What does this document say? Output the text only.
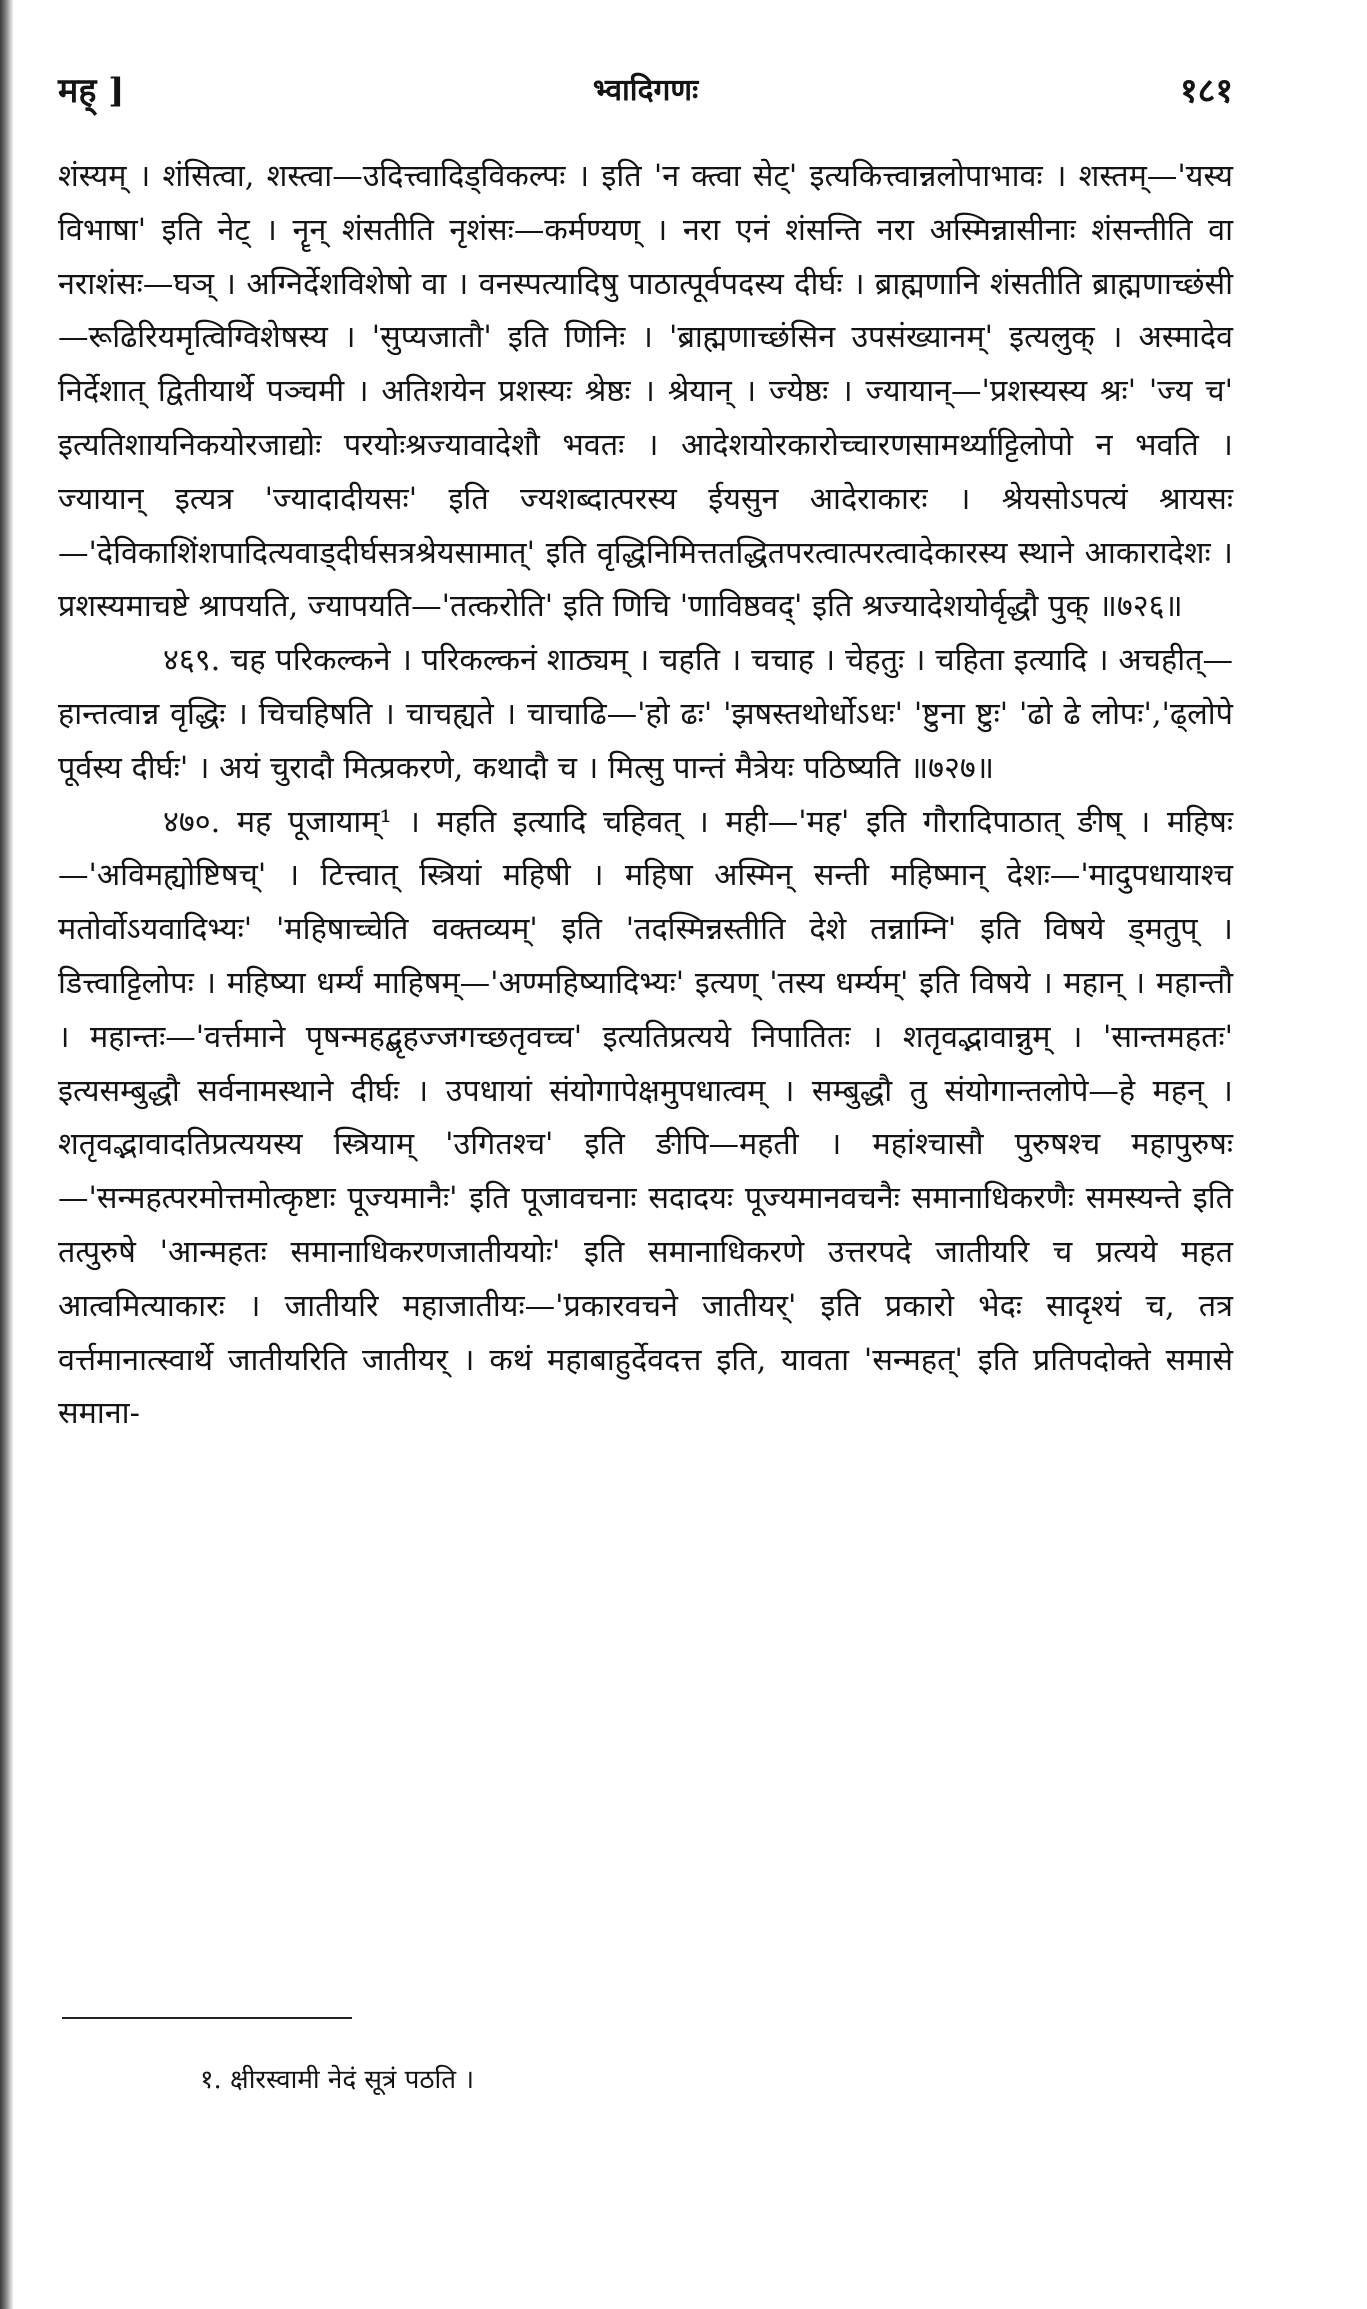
मह् ]	भ्वादिगणः	१८१

शंस्यम् । शंसित्वा, शस्त्वा—उदित्त्वादिड्विकल्पः । इति 'न क्त्वा सेट्' इत्यकित्त्वान्नलोपाभावः । शस्तम्—'यस्य विभाषा' इति नेट् । नॄन् शंसतीति नृशंसः—कर्मण्यण् । नरा एनं शंसन्ति नरा अस्मिन्नासीनाः शंसन्तीति वा नराशंसः—घञ् । अग्निर्देशविशेषो वा । वनस्पत्यादिषु पाठात्पूर्वपदस्य दीर्घः । ब्राह्मणानि शंसतीति ब्राह्मणाच्छंसी—रूढिरियमृत्विग्विशेषस्य । 'सुप्यजातौ' इति णिनिः । 'ब्राह्मणाच्छंसिन उपसंख्यानम्' इत्यलुक् । अस्मादेव निर्देशात् द्वितीयार्थे पञ्चमी । अतिशयेन प्रशस्यः श्रेष्ठः । श्रेयान् । ज्येष्ठः । ज्यायान्—'प्रशस्यस्य श्रः' 'ज्य च' इत्यतिशायनिकयोरजाद्योः परयोःश्रज्यावादेशौ भवतः । आदेशयोरकारोच्चारणसामर्थ्याट्टिलोपो न भवति । ज्यायान् इत्यत्र 'ज्यादादीयसः' इति ज्यशब्दात्परस्य ईयसुन आदेराकारः । श्रेयसोऽपत्यं श्रायसः—'देविकाशिंशपादित्यवाड्दीर्घसत्रश्रेयसामात्' इति वृद्धिनिमित्ततद्धितपरत्वात्परत्वादेकारस्य स्थाने आकारादेशः । प्रशस्यमाचष्टे श्रापयति, ज्यापयति—'तत्करोति' इति णिचि 'णाविष्ठवद्' इति श्रज्यादेशयोर्वृद्धौ पुक् ॥७२६॥

४६९. चह परिकल्कने । परिकल्कनं शाठ्यम् । चहति । चचाह । चेहतुः । चहिता इत्यादि । अचहीत्—हान्तत्वान्न वृद्धिः । चिचहिषति । चाचह्यते । चाचाढि—'हो ढः' 'झषस्तथोर्धोऽधः' 'ष्टुना ष्टुः' 'ढो ढे लोपः','ढ्लोपे पूर्वस्य दीर्घः' । अयं चुरादौ मित्प्रकरणे, कथादौ च । मित्सु पान्तं मैत्रेयः पठिष्यति ॥७२७॥

४७०. मह पूजायाम्¹ । महति इत्यादि चहिवत् । मही—'मह' इति गौरादिपाठात् ङीष् । महिषः—'अविमह्योष्टिषच्' । टित्त्वात् स्त्रियां महिषी । महिषा अस्मिन् सन्ती महिष्मान् देशः—'मादुपधायाश्च मतोर्वोऽयवादिभ्यः' 'महिषाच्चेति वक्तव्यम्' इति 'तदस्मिन्नस्तीति देशे तन्नाम्नि' इति विषये ड्मतुप् । डित्त्वाट्टिलोपः । महिष्या धर्म्यं माहिषम्—'अण्महिष्यादिभ्यः' इत्यण् 'तस्य धर्म्यम्' इति विषये । महान् । महान्तौ । महान्तः—'वर्त्तमाने पृषन्महद्बृहज्जगच्छतृवच्च' इत्यतिप्रत्यये निपातितः । शतृवद्भावान्नुम् । 'सान्तमहतः' इत्यसम्बुद्धौ सर्वनामस्थाने दीर्घः । उपधायां संयोगापेक्षमुपधात्वम् । सम्बुद्धौ तु संयोगान्तलोपे—हे महन् । शतृवद्भावादतिप्रत्ययस्य स्त्रियाम् 'उगितश्च' इति ङीपि—महती । महांश्चासौ पुरुषश्च महापुरुषः—'सन्महत्परमोत्तमोत्कृष्टाः पूज्यमानैः' इति पूजावचनाः सदादयः पूज्यमानवचनैः समानाधिकरणैः समस्यन्ते इति तत्पुरुषे 'आन्महतः समानाधिकरणजातीययोः' इति समानाधिकरणे उत्तरपदे जातीयरि च प्रत्यये महत आत्वमित्याकारः । जातीयरि महाजातीयः—'प्रकारवचने जातीयर्' इति प्रकारो भेदः सादृश्यं च, तत्र वर्त्तमानात्स्वार्थे जातीयरिति जातीयर् । कथं महाबाहुर्देवदत्त इति, यावता 'सन्महत्' इति प्रतिपदोक्ते समासे समाना-

१. क्षीरस्वामी नेदं सूत्रं पठति ।
